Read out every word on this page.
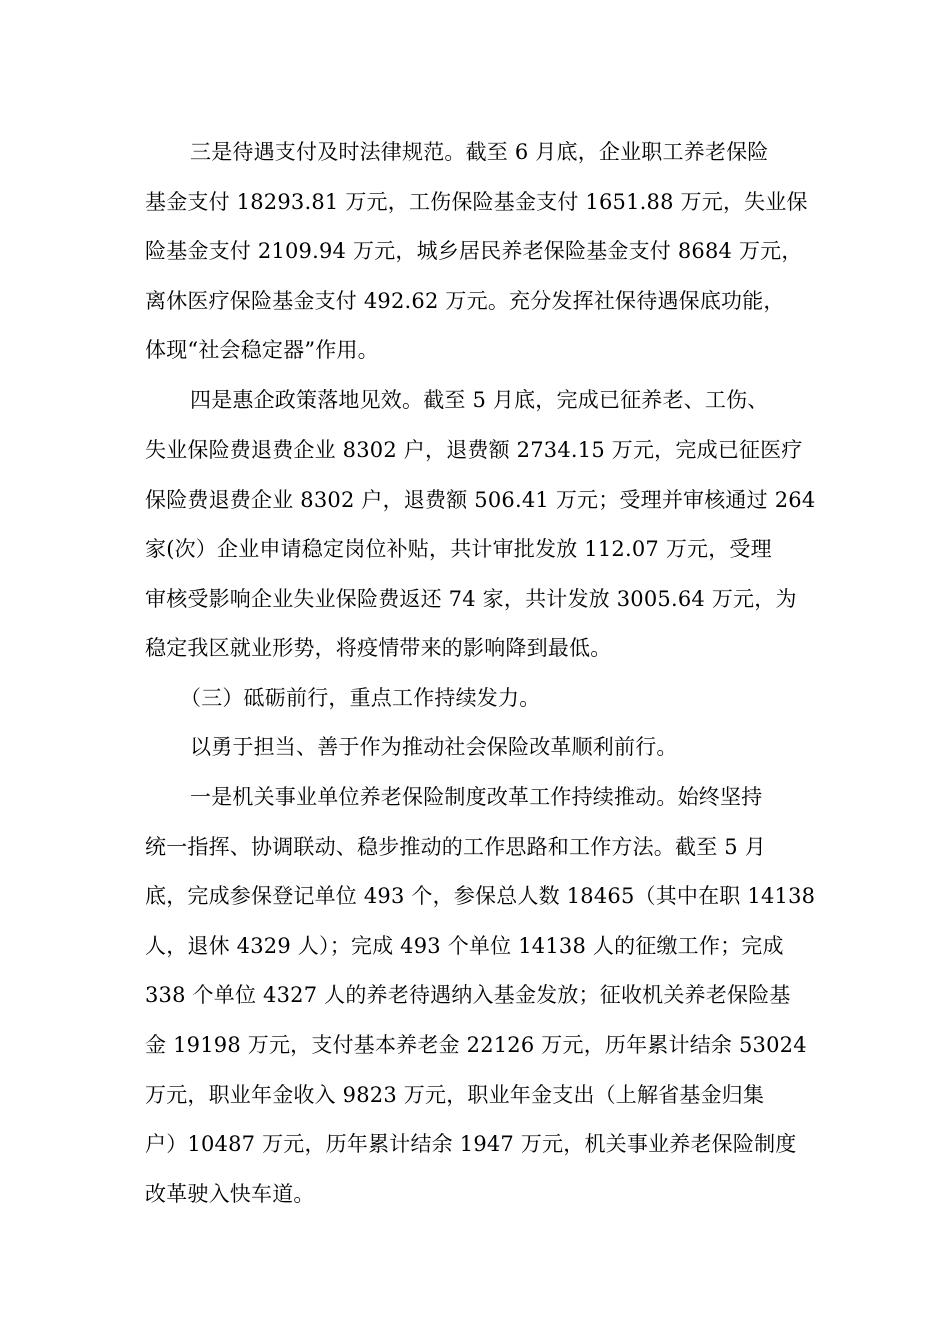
三是待遇支付及时法律规范。截至 6 月底，企业职工养老保险
基金支付 18293.81 万元，工伤保险基金支付 1651.88 万元，失业保
险基金支付 2109.94 万元，城乡居民养老保险基金支付 8684 万元，
离休医疗保险基金支付 492.62 万元。充分发挥社保待遇保底功能，
体现“社会稳定器”作用。
四是惠企政策落地见效。截至 5 月底，完成已征养老、工伤、
失业保险费退费企业 8302 户，退费额 2734.15 万元，完成已征医疗
保险费退费企业 8302 户，退费额 506.41 万元；受理并审核通过 264
家(次）企业申请稳定岗位补贴，共计审批发放 112.07 万元，受理
审核受影响企业失业保险费返还 74 家，共计发放 3005.64 万元，为
稳定我区就业形势，将疫情带来的影响降到最低。
（三）砥砺前行，重点工作持续发力。
以勇于担当、善于作为推动社会保险改革顺利前行。
一是机关事业单位养老保险制度改革工作持续推动。始终坚持
统一指挥、协调联动、稳步推动的工作思路和工作方法。截至 5 月
底，完成参保登记单位 493 个，参保总人数 18465（其中在职 14138
人，退休 4329 人）；完成 493 个单位 14138 人的征缴工作；完成
338 个单位 4327 人的养老待遇纳入基金发放；征收机关养老保险基
金 19198 万元，支付基本养老金 22126 万元，历年累计结余 53024
万元，职业年金收入 9823 万元，职业年金支出（上解省基金归集
户）10487 万元，历年累计结余 1947 万元，机关事业养老保险制度
改革驶入快车道。
